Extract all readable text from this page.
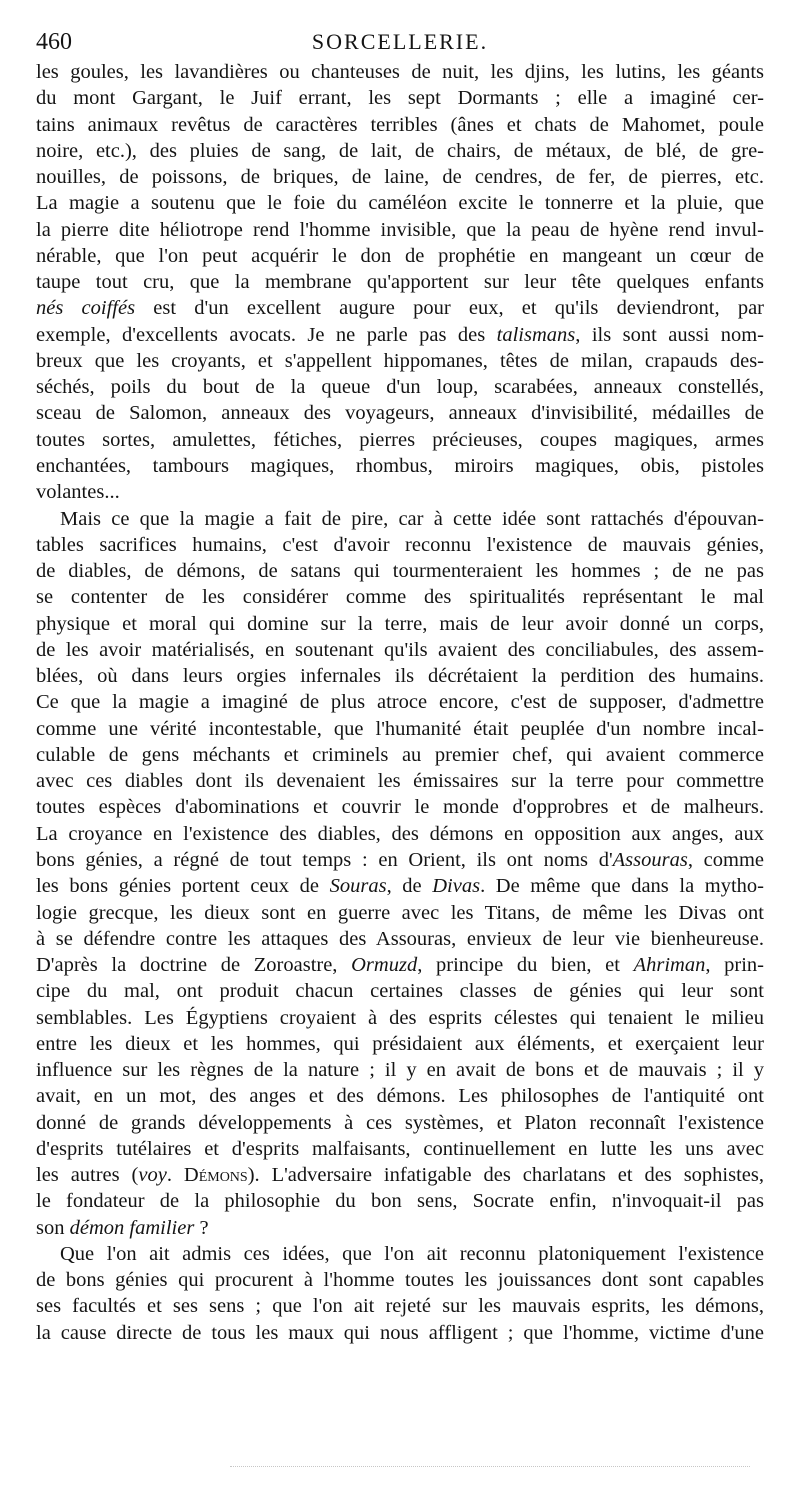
460	SORCELLERIE.
les goules, les lavandières ou chanteuses de nuit, les djins, les lutins, les géants
du mont Gargant, le Juif errant, les sept Dormants ; elle a imaginé cer-
tains animaux revêtus de caractères terribles (ânes et chats de Mahomet, poule
noire, etc.), des pluies de sang, de lait, de chairs, de métaux, de blé, de gre-
nouilles, de poissons, de briques, de laine, de cendres, de fer, de pierres, etc.
La magie a soutenu que le foie du caméléon excite le tonnerre et la pluie, que
la pierre dite héliotrope rend l'homme invisible, que la peau de hyène rend invul-
nérable, que l'on peut acquérir le don de prophétie en mangeant un cœur de
taupe tout cru, que la membrane qu'apportent sur leur tête quelques enfants
nés coiffés est d'un excellent augure pour eux, et qu'ils deviendront, par
exemple, d'excellents avocats. Je ne parle pas des talismans, ils sont aussi nom-
breux que les croyants, et s'appellent hippomanes, têtes de milan, crapauds des-
séchés, poils du bout de la queue d'un loup, scarabées, anneaux constellés,
sceau de Salomon, anneaux des voyageurs, anneaux d'invisibilité, médailles de
toutes sortes, amulettes, fétiches, pierres précieuses, coupes magiques, armes
enchantées, tambours magiques, rhombus, miroirs magiques, obis, pistoles
volantes...
Mais ce que la magie a fait de pire, car à cette idée sont rattachés d'épouvan-
tables sacrifices humains, c'est d'avoir reconnu l'existence de mauvais génies,
de diables, de démons, de satans qui tourmenteraient les hommes ; de ne pas
se contenter de les considérer comme des spiritualités représentant le mal
physique et moral qui domine sur la terre, mais de leur avoir donné un corps,
de les avoir matérialisés, en soutenant qu'ils avaient des conciliabules, des assem-
blées, où dans leurs orgies infernales ils décrétaient la perdition des humains.
Ce que la magie a imaginé de plus atroce encore, c'est de supposer, d'admettre
comme une vérité incontestable, que l'humanité était peuplée d'un nombre incal-
culable de gens méchants et criminels au premier chef, qui avaient commerce
avec ces diables dont ils devenaient les émissaires sur la terre pour commettre
toutes espèces d'abominations et couvrir le monde d'opprobres et de malheurs.
La croyance en l'existence des diables, des démons en opposition aux anges, aux
bons génies, a régné de tout temps : en Orient, ils ont noms d'Assouras, comme
les bons génies portent ceux de Souras, de Divas. De même que dans la mytho-
logie grecque, les dieux sont en guerre avec les Titans, de même les Divas ont
à se défendre contre les attaques des Assouras, envieux de leur vie bienheureuse.
D'après la doctrine de Zoroastre, Ormuzd, principe du bien, et Ahriman, prin-
cipe du mal, ont produit chacun certaines classes de génies qui leur sont
semblables. Les Égyptiens croyaient à des esprits célestes qui tenaient le milieu
entre les dieux et les hommes, qui présidaient aux éléments, et exerçaient leur
influence sur les règnes de la nature ; il y en avait de bons et de mauvais ; il y
avait, en un mot, des anges et des démons. Les philosophes de l'antiquité ont
donné de grands développements à ces systèmes, et Platon reconnaît l'existence
d'esprits tutélaires et d'esprits malfaisants, continuellement en lutte les uns avec
les autres (voy. Démons). L'adversaire infatigable des charlatans et des sophistes,
le fondateur de la philosophie du bon sens, Socrate enfin, n'invoquait-il pas
son démon familier ?
Que l'on ait admis ces idées, que l'on ait reconnu platoniquement l'existence
de bons génies qui procurent à l'homme toutes les jouissances dont sont capables
ses facultés et ses sens ; que l'on ait rejeté sur les mauvais esprits, les démons,
la cause directe de tous les maux qui nous affligent ; que l'homme, victime d'une
